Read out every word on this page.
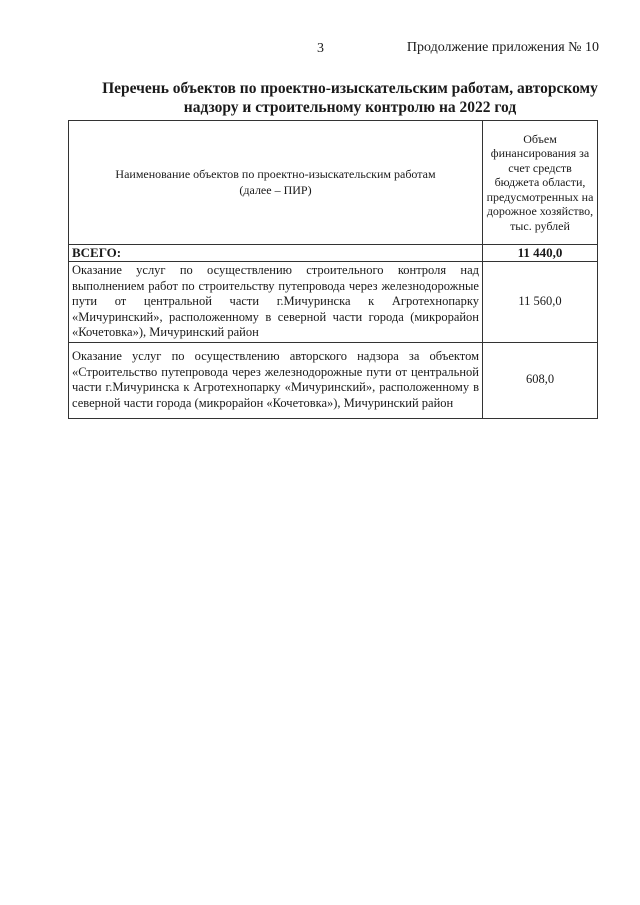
3	Продолжение приложения № 10
Перечень объектов по проектно-изыскательским работам, авторскому
надзору и строительному контролю на 2022 год
Наименование объектов по проектно-изыскательским работам
(далее – ПИР)	Объем финансирования за счет средств бюджета области, предусмотренных на дорожное хозяйство, тыс. рублей
ВСЕГО:	11 440,0
Оказание услуг по осуществлению строительного контроля над выполнением работ по строительству путепровода через железнодорожные пути от центральной части г.Мичуринска к Агротехнопарку «Мичуринский», расположенному в северной части города (микрорайон «Кочетовка»), Мичуринский район	11 560,0
Оказание услуг по осуществлению авторского надзора за объектом «Строительство путепровода через железнодорожные пути от центральной части г.Мичуринска к Агротехнопарку «Мичуринский», расположенному в северной части города (микрорайон «Кочетовка»), Мичуринский район	608,0
